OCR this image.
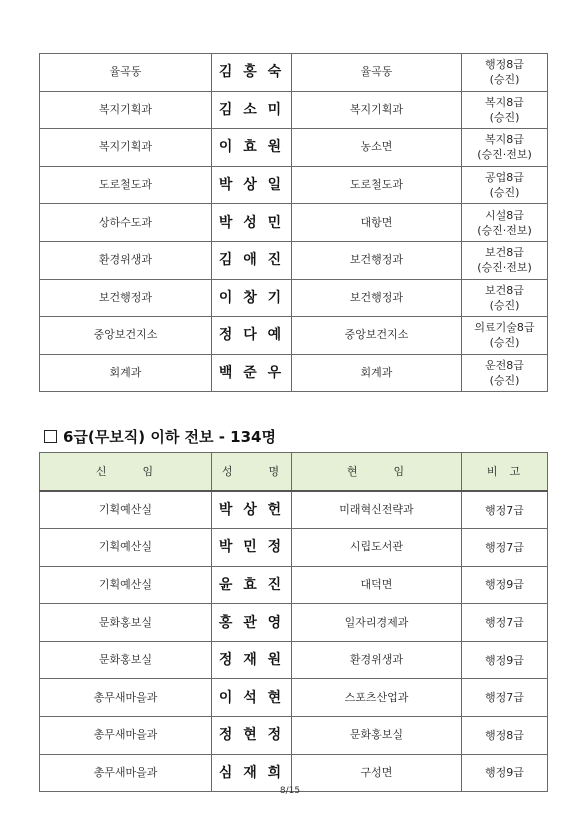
율곡동	김 홍 숙	율곡동	행정8급
(승진)
복지기획과	김 소 미	복지기획과	복지8급
(승진)
복지기획과	이 효 원	농소면	복지8급
(승진·전보)
도로철도과	박 상 일	도로철도과	공업8급
(승진)
상하수도과	박 성 민	대항면	시설8급
(승진·전보)
환경위생과	김 애 진	보건행정과	보건8급
(승진·전보)
보건행정과	이 창 기	보건행정과	보건8급
(승진)
중앙보건지소	정 다 예	중앙보건지소	의료기술8급
(승진)
회계과	백 준 우	회계과	운전8급
(승진)
6급(무보직) 이하 전보 - 134명
신 임	성 명	현 임	비 고
기획예산실	박 상 헌	미래혁신전략과	행정7급
기획예산실	박 민 정	시립도서관	행정7급
기획예산실	윤 효 진	대덕면	행정9급
문화홍보실	홍 관 영	일자리경제과	행정7급
문화홍보실	정 재 원	환경위생과	행정9급
총무새마을과	이 석 현	스포츠산업과	행정7급
총무새마을과	정 현 정	문화홍보실	행정8급
총무새마을과	심 재 희	구성면	행정9급
8/15
